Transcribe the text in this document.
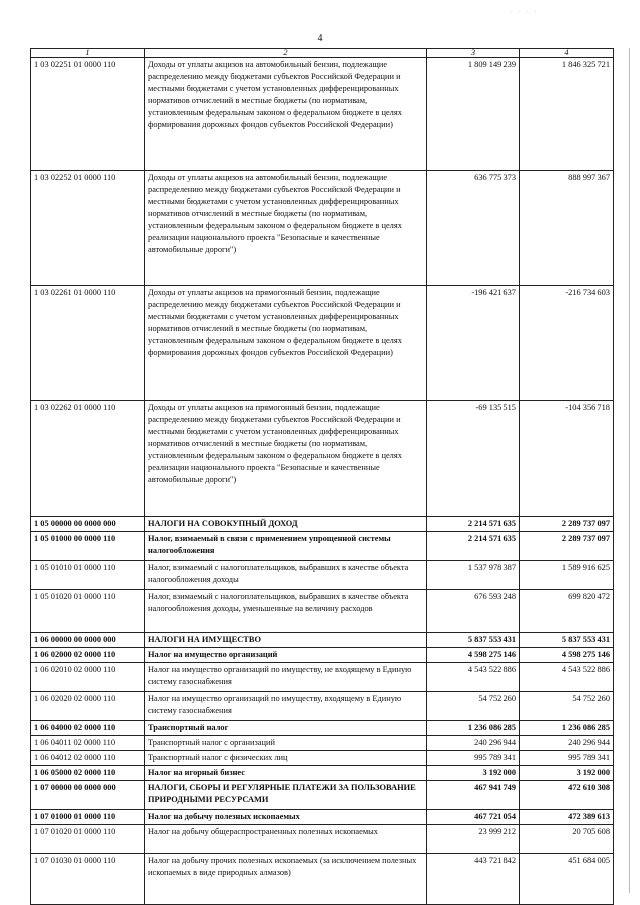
· · · ·
4
1	2	3	4
1 03 02251 01 0000 110	Доходы от уплаты акцизов на автомобильный бензин, подлежащие распределению между бюджетами субъектов Российской Федерации и местными бюджетами с учетом установленных дифференцированных нормативов отчислений в местные бюджеты (по нормативам, установленным федеральным законом о федеральном бюджете в целях формирования дорожных фондов субъектов Российской Федерации)	1 809 149 239	1 846 325 721
1 03 02252 01 0000 110	Доходы от уплаты акцизов на автомобильный бензин, подлежащие распределению между бюджетами субъектов Российской Федерации и местными бюджетами с учетом установленных дифференцированных нормативов отчислений в местные бюджеты (по нормативам, установленным федеральным законом о федеральном бюджете в целях реализации национального проекта "Безопасные и качественные автомобильные дороги")	636 775 373	888 997 367
1 03 02261 01 0000 110	Доходы от уплаты акцизов на прямогонный бензин, подлежащие распределению между бюджетами субъектов Российской Федерации и местными бюджетами с учетом установленных дифференцированных нормативов отчислений в местные бюджеты (по нормативам, установленным федеральным законом о федеральном бюджете в целях формирования дорожных фондов субъектов Российской Федерации)	-196 421 637	-216 734 603
1 03 02262 01 0000 110	Доходы от уплаты акцизов на прямогонный бензин, подлежащие распределению между бюджетами субъектов Российской Федерации и местными бюджетами с учетом установленных дифференцированных нормативов отчислений в местные бюджеты (по нормативам, установленным федеральным законом о федеральном бюджете в целях реализации национального проекта "Безопасные и качественные автомобильные дороги")	-69 135 515	-104 356 718
1 05 00000 00 0000 000	НАЛОГИ НА СОВОКУПНЫЙ ДОХОД	2 214 571 635	2 289 737 097
1 05 01000 00 0000 110	Налог, взимаемый в связи с применением упрощенной системы налогообложения	2 214 571 635	2 289 737 097
1 05 01010 01 0000 110	Налог, взимаемый с налогоплательщиков, выбравших в качестве объекта налогообложения доходы	1 537 978 387	1 589 916 625
1 05 01020 01 0000 110	Налог, взимаемый с налогоплательщиков, выбравших в качестве объекта налогообложения доходы, уменьшенные на величину расходов	676 593 248	699 820 472
1 06 00000 00 0000 000	НАЛОГИ НА ИМУЩЕСТВО	5 837 553 431	5 837 553 431
1 06 02000 02 0000 110	Налог на имущество организаций	4 598 275 146	4 598 275 146
1 06 02010 02 0000 110	Налог на имущество организаций по имуществу, не входящему в Единую систему газоснабжения	4 543 522 886	4 543 522 886
1 06 02020 02 0000 110	Налог на имущество организаций по имуществу, входящему в Единую систему газоснабжения	54 752 260	54 752 260
1 06 04000 02 0000 110	Транспортный налог	1 236 086 285	1 236 086 285
1 06 04011 02 0000 110	Транспортный налог с организаций	240 296 944	240 296 944
1 06 04012 02 0000 110	Транспортный налог с физических лиц	995 789 341	995 789 341
1 06 05000 02 0000 110	Налог на игорный бизнес	3 192 000	3 192 000
1 07 00000 00 0000 000	НАЛОГИ, СБОРЫ И РЕГУЛЯРНЫЕ ПЛАТЕЖИ ЗА ПОЛЬЗОВАНИЕ ПРИРОДНЫМИ РЕСУРСАМИ	467 941 749	472 610 308
1 07 01000 01 0000 110	Налог на добычу полезных ископаемых	467 721 054	472 389 613
1 07 01020 01 0000 110	Налог на добычу общераспространенных полезных ископаемых	23 999 212	20 705 608
1 07 01030 01 0000 110	Налог на добычу прочих полезных ископаемых (за исключением полезных ископаемых в виде природных алмазов)	443 721 842	451 684 005
